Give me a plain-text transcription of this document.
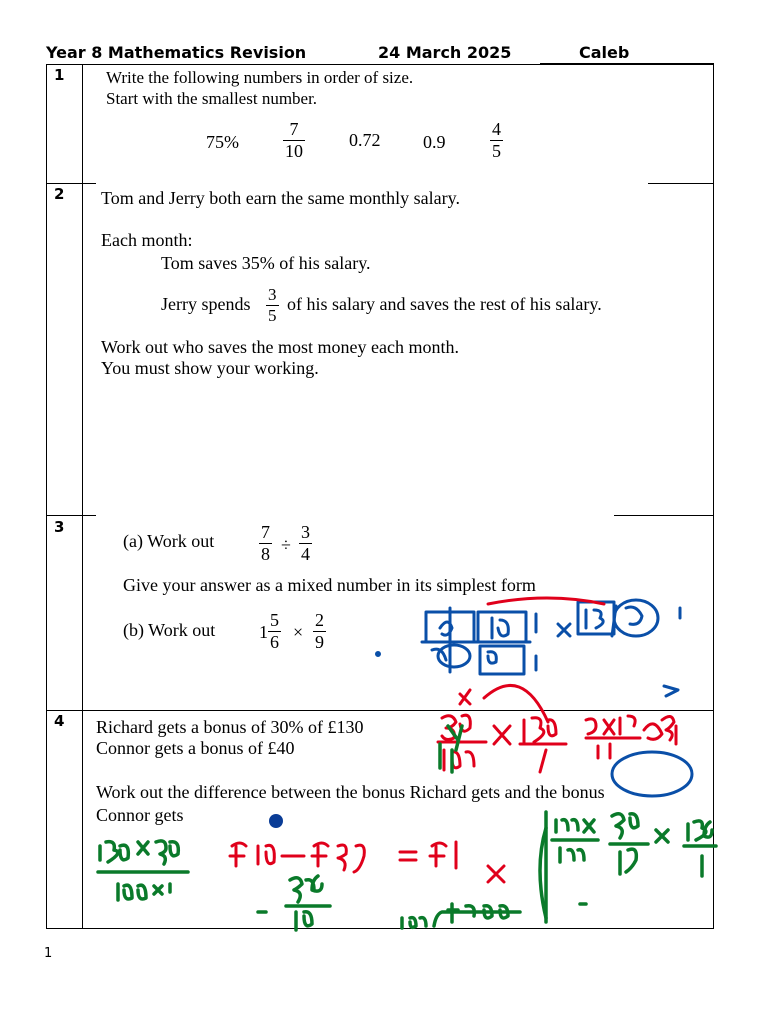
Year 8 Mathematics Revision	24 March 2025	Caleb
1
2
3
4
Write the following numbers in order of size.
Start with the smallest number.
$75\% \frac{7}{10} 0.72$ $0.9 \frac{4}{5}$
Tom and Jerry both earn the same monthly salary.
Each month:
Tom saves 35% of his salary.
Jerry spends $\frac{3}{5}$ of his salary and saves the rest of his salary.
Work out who saves the most money each month.
You must show your working.
(a) Work out $\frac{7}{8} \div \frac{3}{4}$
Give your answer as a mixed number in its simplest form
(b) Work out $1 \frac{5}{6} \times \frac{2}{9}$
Richard gets a bonus of 30% of £130
Connor gets a bonus of £40
Work out the difference between the bonus Richard gets and the bonus
Connor gets
1
